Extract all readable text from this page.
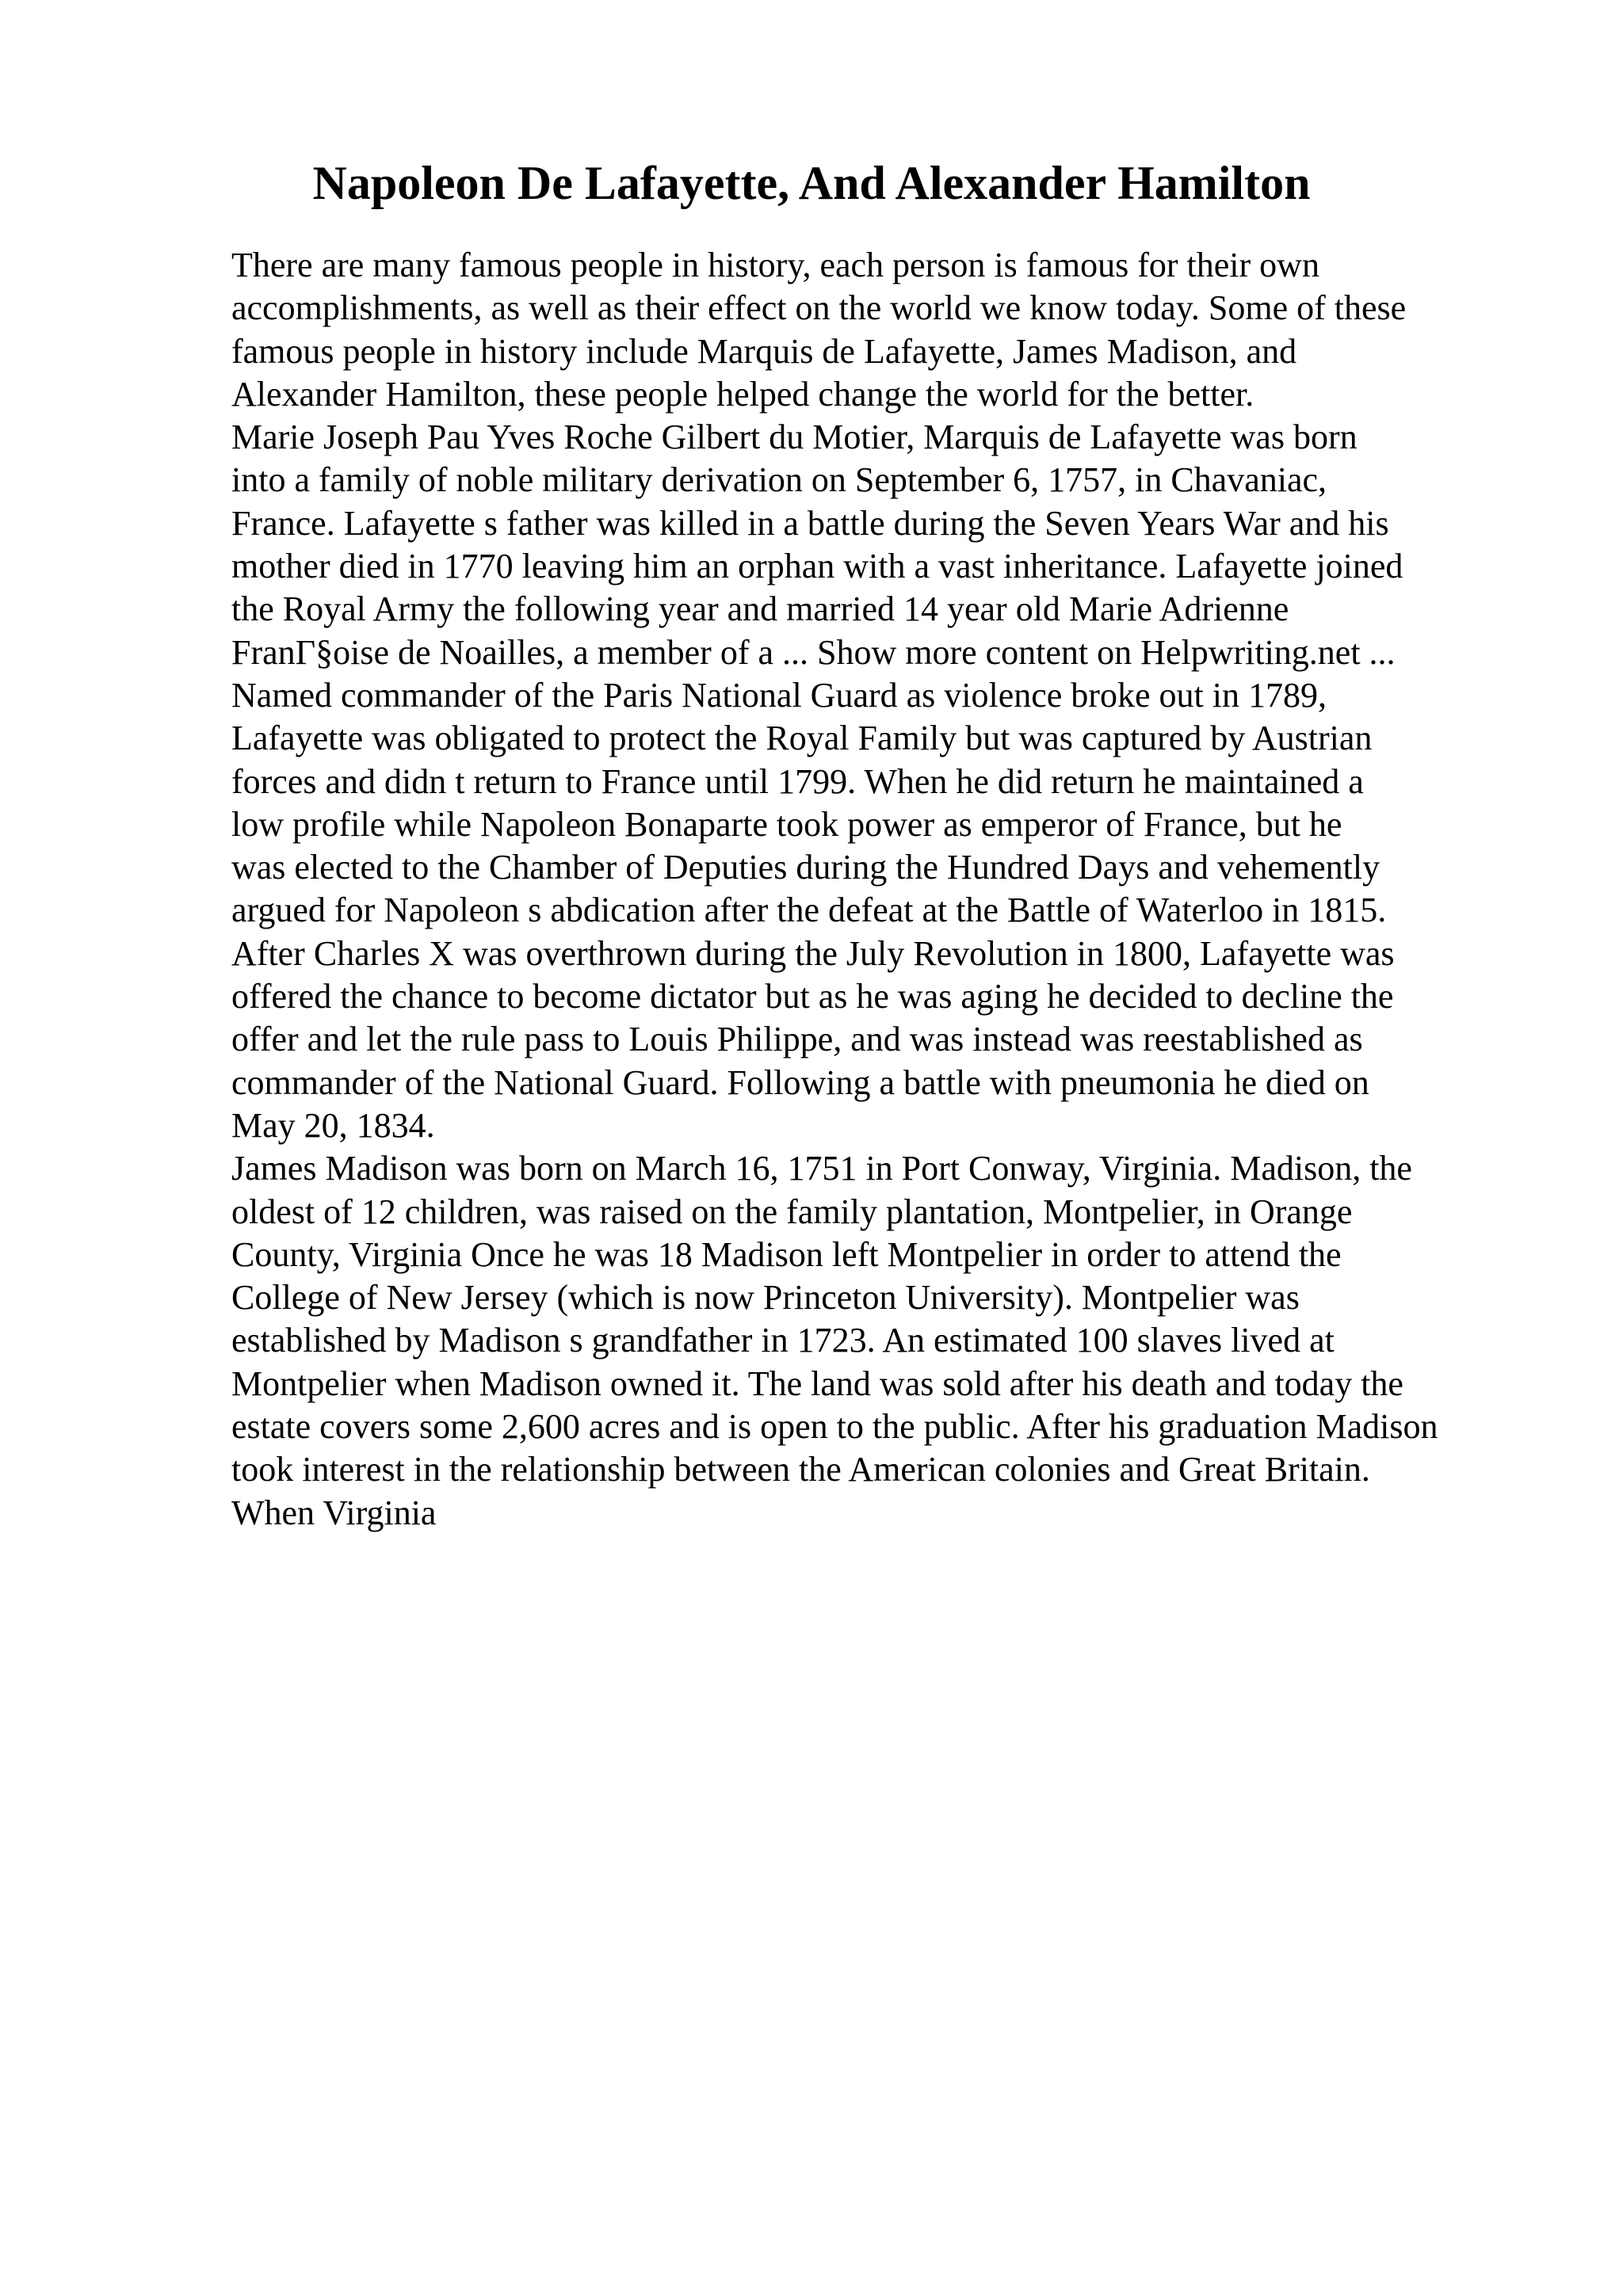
Napoleon De Lafayette, And Alexander Hamilton
There are many famous people in history, each person is famous for their own
accomplishments, as well as their effect on the world we know today. Some of these
famous people in history include Marquis de Lafayette, James Madison, and
Alexander Hamilton, these people helped change the world for the better.
Marie Joseph Pau Yves Roche Gilbert du Motier, Marquis de Lafayette was born
into a family of noble military derivation on September 6, 1757, in Chavaniac,
France. Lafayette s father was killed in a battle during the Seven Years War and his
mother died in 1770 leaving him an orphan with a vast inheritance. Lafayette joined
the Royal Army the following year and married 14 year old Marie Adrienne
FranΓ§oise de Noailles, a member of a ... Show more content on Helpwriting.net ...
Named commander of the Paris National Guard as violence broke out in 1789,
Lafayette was obligated to protect the Royal Family but was captured by Austrian
forces and didn t return to France until 1799. When he did return he maintained a
low profile while Napoleon Bonaparte took power as emperor of France, but he
was elected to the Chamber of Deputies during the Hundred Days and vehemently
argued for Napoleon s abdication after the defeat at the Battle of Waterloo in 1815.
After Charles X was overthrown during the July Revolution in 1800, Lafayette was
offered the chance to become dictator but as he was aging he decided to decline the
offer and let the rule pass to Louis Philippe, and was instead was reestablished as
commander of the National Guard. Following a battle with pneumonia he died on
May 20, 1834.
James Madison was born on March 16, 1751 in Port Conway, Virginia. Madison, the
oldest of 12 children, was raised on the family plantation, Montpelier, in Orange
County, Virginia Once he was 18 Madison left Montpelier in order to attend the
College of New Jersey (which is now Princeton University). Montpelier was
established by Madison s grandfather in 1723. An estimated 100 slaves lived at
Montpelier when Madison owned it. The land was sold after his death and today the
estate covers some 2,600 acres and is open to the public. After his graduation Madison
took interest in the relationship between the American colonies and Great Britain.
When Virginia
